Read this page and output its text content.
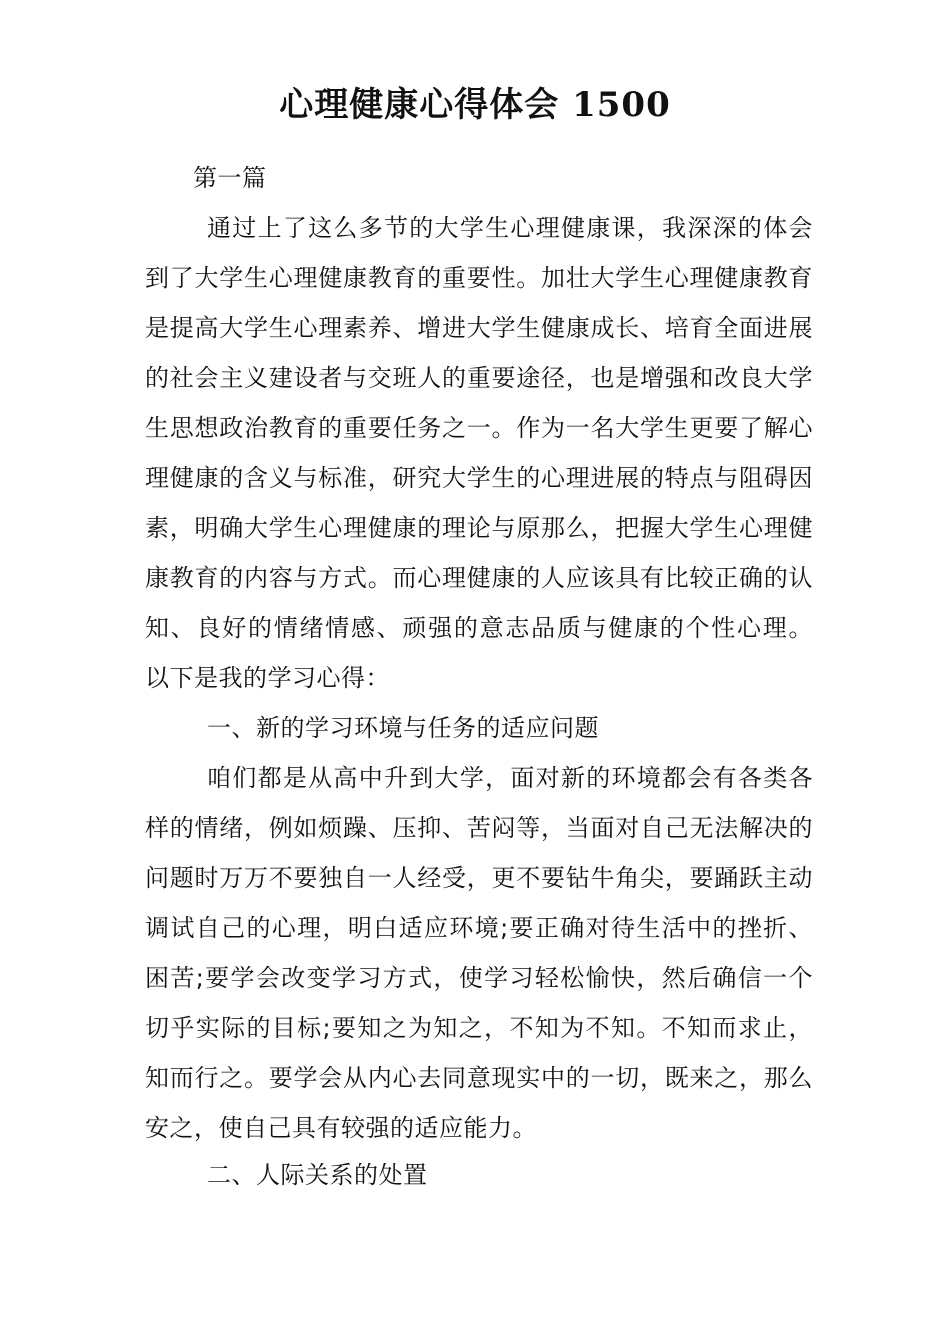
心理健康心得体会 1500
第一篇
通过上了这么多节的大学生心理健康课，我深深的体会到了大学生心理健康教育的重要性。加壮大学生心理健康教育是提高大学生心理素养、增进大学生健康成长、培育全面进展的社会主义建设者与交班人的重要途径，也是增强和改良大学生思想政治教育的重要任务之一。作为一名大学生更要了解心理健康的含义与标准，研究大学生的心理进展的特点与阻碍因素，明确大学生心理健康的理论与原那么，把握大学生心理健康教育的内容与方式。而心理健康的人应该具有比较正确的认知、良好的情绪情感、顽强的意志品质与健康的个性心理。 以下是我的学习心得：
一、新的学习环境与任务的适应问题
咱们都是从高中升到大学，面对新的环境都会有各类各样的情绪，例如烦躁、压抑、苦闷等，当面对自己无法解决的问题时万万不要独自一人经受，更不要钻牛角尖，要踊跃主动调试自己的心理，明白适应环境;要正确对待生活中的挫折、困苦;要学会改变学习方式，使学习轻松愉快，然后确信一个切乎实际的目标;要知之为知之，不知为不知。不知而求止，知而行之。要学会从内心去同意现实中的一切，既来之，那么安之，使自己具有较强的适应能力。
二、人际关系的处置
